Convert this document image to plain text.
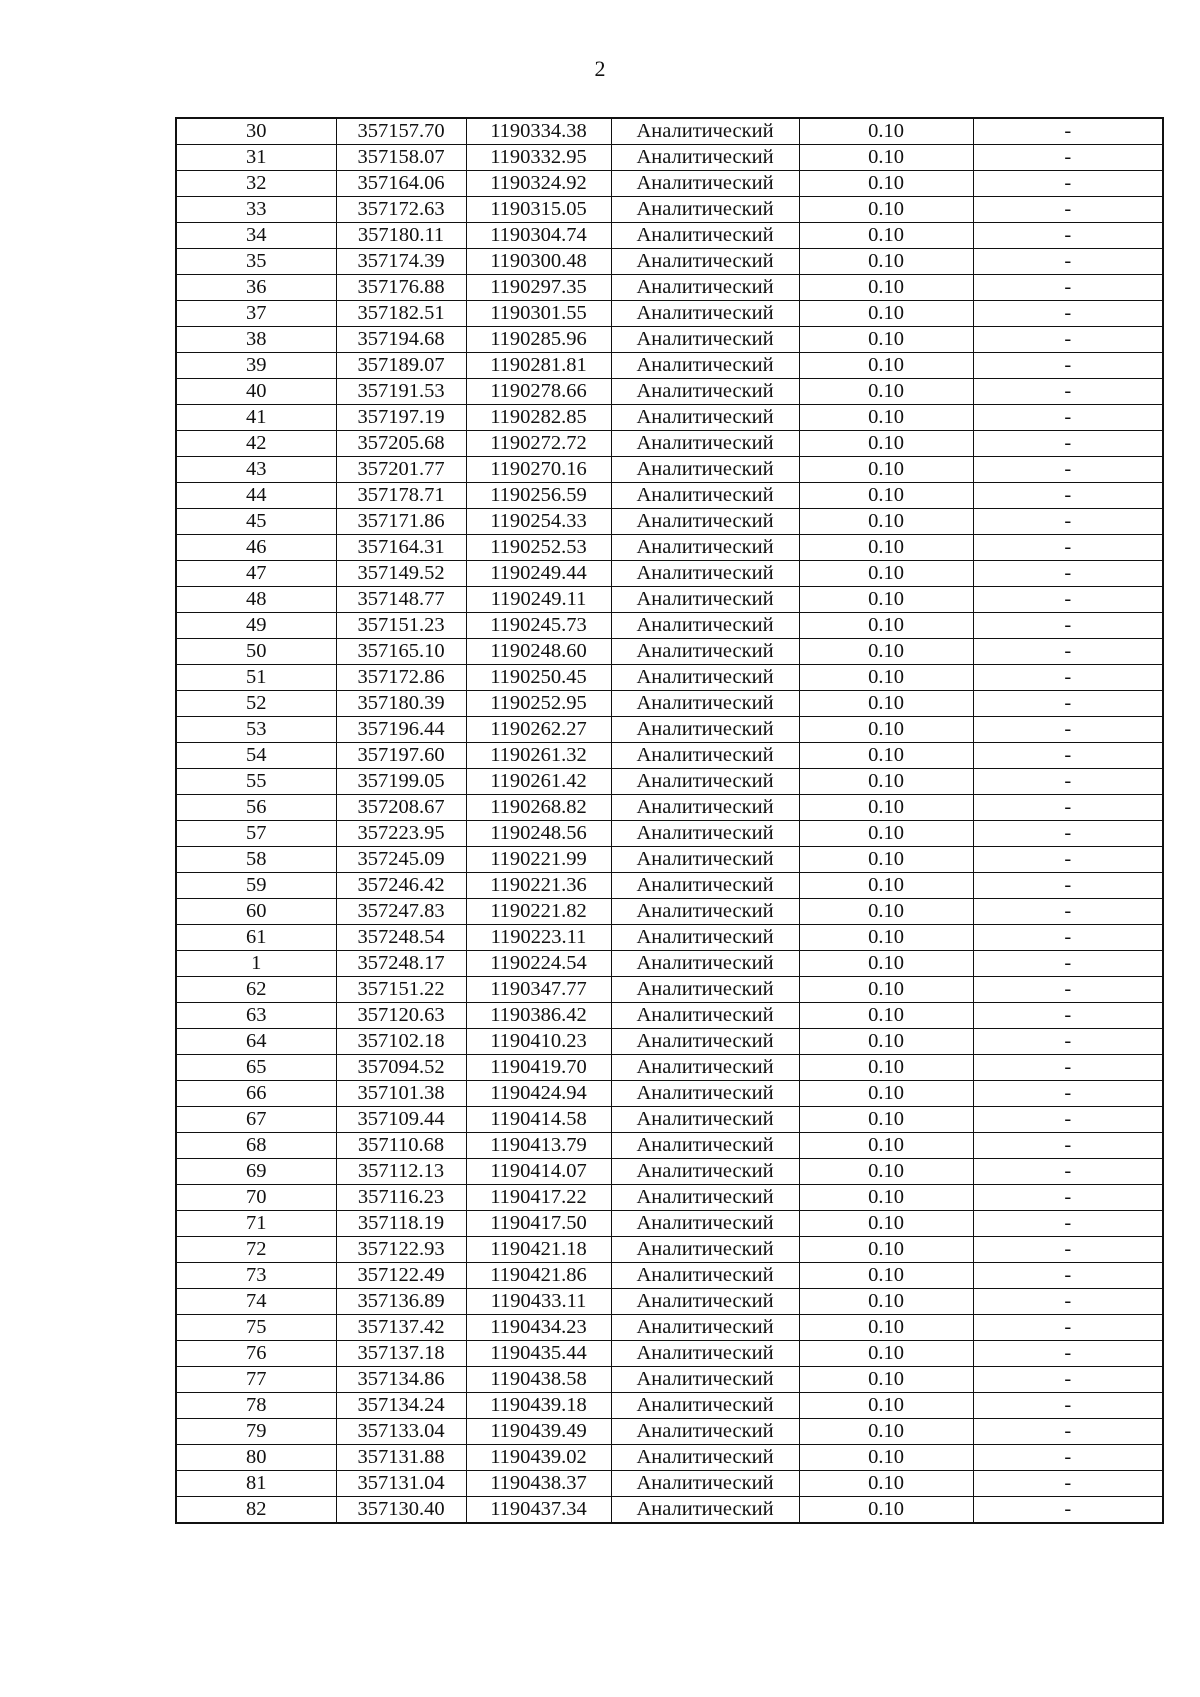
2
30	357157.70	1190334.38	Аналитический	0.10	-
31	357158.07	1190332.95	Аналитический	0.10	-
32	357164.06	1190324.92	Аналитический	0.10	-
33	357172.63	1190315.05	Аналитический	0.10	-
34	357180.11	1190304.74	Аналитический	0.10	-
35	357174.39	1190300.48	Аналитический	0.10	-
36	357176.88	1190297.35	Аналитический	0.10	-
37	357182.51	1190301.55	Аналитический	0.10	-
38	357194.68	1190285.96	Аналитический	0.10	-
39	357189.07	1190281.81	Аналитический	0.10	-
40	357191.53	1190278.66	Аналитический	0.10	-
41	357197.19	1190282.85	Аналитический	0.10	-
42	357205.68	1190272.72	Аналитический	0.10	-
43	357201.77	1190270.16	Аналитический	0.10	-
44	357178.71	1190256.59	Аналитический	0.10	-
45	357171.86	1190254.33	Аналитический	0.10	-
46	357164.31	1190252.53	Аналитический	0.10	-
47	357149.52	1190249.44	Аналитический	0.10	-
48	357148.77	1190249.11	Аналитический	0.10	-
49	357151.23	1190245.73	Аналитический	0.10	-
50	357165.10	1190248.60	Аналитический	0.10	-
51	357172.86	1190250.45	Аналитический	0.10	-
52	357180.39	1190252.95	Аналитический	0.10	-
53	357196.44	1190262.27	Аналитический	0.10	-
54	357197.60	1190261.32	Аналитический	0.10	-
55	357199.05	1190261.42	Аналитический	0.10	-
56	357208.67	1190268.82	Аналитический	0.10	-
57	357223.95	1190248.56	Аналитический	0.10	-
58	357245.09	1190221.99	Аналитический	0.10	-
59	357246.42	1190221.36	Аналитический	0.10	-
60	357247.83	1190221.82	Аналитический	0.10	-
61	357248.54	1190223.11	Аналитический	0.10	-
1	357248.17	1190224.54	Аналитический	0.10	-
62	357151.22	1190347.77	Аналитический	0.10	-
63	357120.63	1190386.42	Аналитический	0.10	-
64	357102.18	1190410.23	Аналитический	0.10	-
65	357094.52	1190419.70	Аналитический	0.10	-
66	357101.38	1190424.94	Аналитический	0.10	-
67	357109.44	1190414.58	Аналитический	0.10	-
68	357110.68	1190413.79	Аналитический	0.10	-
69	357112.13	1190414.07	Аналитический	0.10	-
70	357116.23	1190417.22	Аналитический	0.10	-
71	357118.19	1190417.50	Аналитический	0.10	-
72	357122.93	1190421.18	Аналитический	0.10	-
73	357122.49	1190421.86	Аналитический	0.10	-
74	357136.89	1190433.11	Аналитический	0.10	-
75	357137.42	1190434.23	Аналитический	0.10	-
76	357137.18	1190435.44	Аналитический	0.10	-
77	357134.86	1190438.58	Аналитический	0.10	-
78	357134.24	1190439.18	Аналитический	0.10	-
79	357133.04	1190439.49	Аналитический	0.10	-
80	357131.88	1190439.02	Аналитический	0.10	-
81	357131.04	1190438.37	Аналитический	0.10	-
82	357130.40	1190437.34	Аналитический	0.10	-
